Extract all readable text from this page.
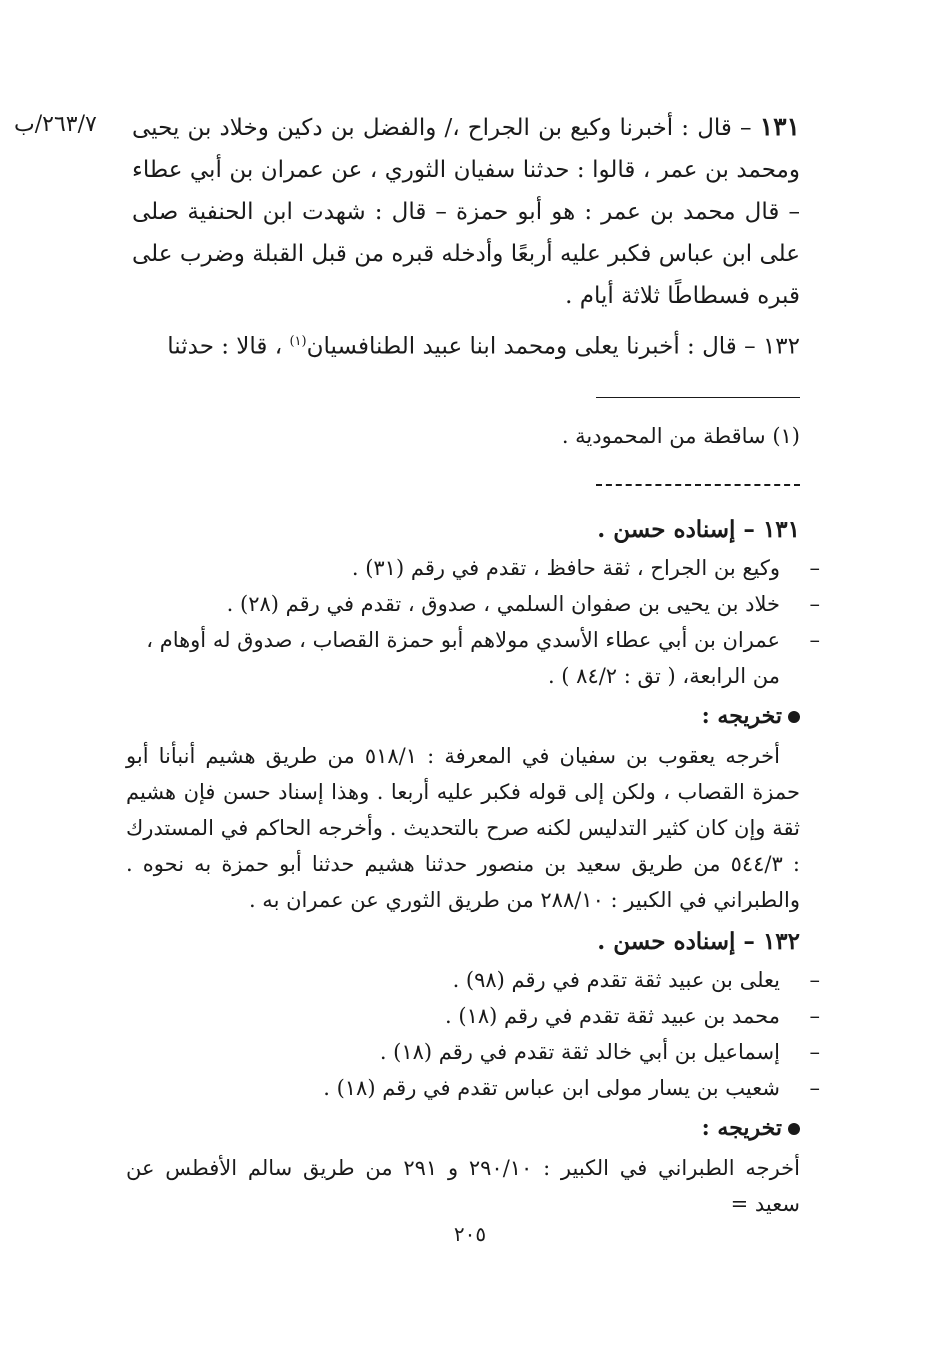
٢٦٣/٧/ب	١٣١ – قال : أخبرنا وكيع بن الجراح ،/ والفضل بن دكين وخلاد بن يحيى ومحمد بن عمر ، قالوا : حدثنا سفيان الثوري ، عن عمران بن أبي عطاء – قال محمد بن عمر : هو أبو حمزة – قال : شهدت ابن الحنفية صلى على ابن عباس فكبر عليه أربعًا وأدخله قبره من قبل القبلة وضرب على قبره فسطاطًا ثلاثة أيام .

١٣٢ – قال : أخبرنا يعلى ومحمد ابنا عبيد الطنافسيان$^{(١)}$ ، قالا : حدثنا

(١) ساقطة من المحمودية .
١٣١ – إسناده حسن .

–وكيع بن الجراح ، ثقة حافظ ، تقدم في رقم (٣١) .

–خلاد بن يحيى بن صفوان السلمي ، صدوق ، تقدم في رقم (٢٨) .

–عمران بن أبي عطاء الأسدي مولاهم أبو حمزة القصاب ، صدوق له أوهام ، من الرابعة، ( تق : ٨٤/٢ ) .

تخريجه :

أخرجه يعقوب بن سفيان في المعرفة : ٥١٨/١ من طريق هشيم أنبأنا أبو حمزة القصاب ، ولكن إلى قوله فكبر عليه أربعا . وهذا إسناد حسن فإن هشيم ثقة وإن كان كثير التدليس لكنه صرح بالتحديث . وأخرجه الحاكم في المستدرك : ٥٤٤/٣ من طريق سعيد بن منصور حدثنا هشيم حدثنا أبو حمزة به نحوه . والطبراني في الكبير : ٢٨٨/١٠ من طريق الثوري عن عمران به .

١٣٢ – إسناده حسن .

–يعلى بن عبيد ثقة تقدم في رقم (٩٨) .

–محمد بن عبيد ثقة تقدم في رقم (١٨) .

–إسماعيل بن أبي خالد ثقة تقدم في رقم (١٨) .

–شعيب بن يسار مولى ابن عباس تقدم في رقم (١٨) .

تخريجه :

أخرجه الطبراني في الكبير : ٢٩٠/١٠ و ٢٩١ من طريق سالم الأفطس عن سعيد =

٢٠٥
